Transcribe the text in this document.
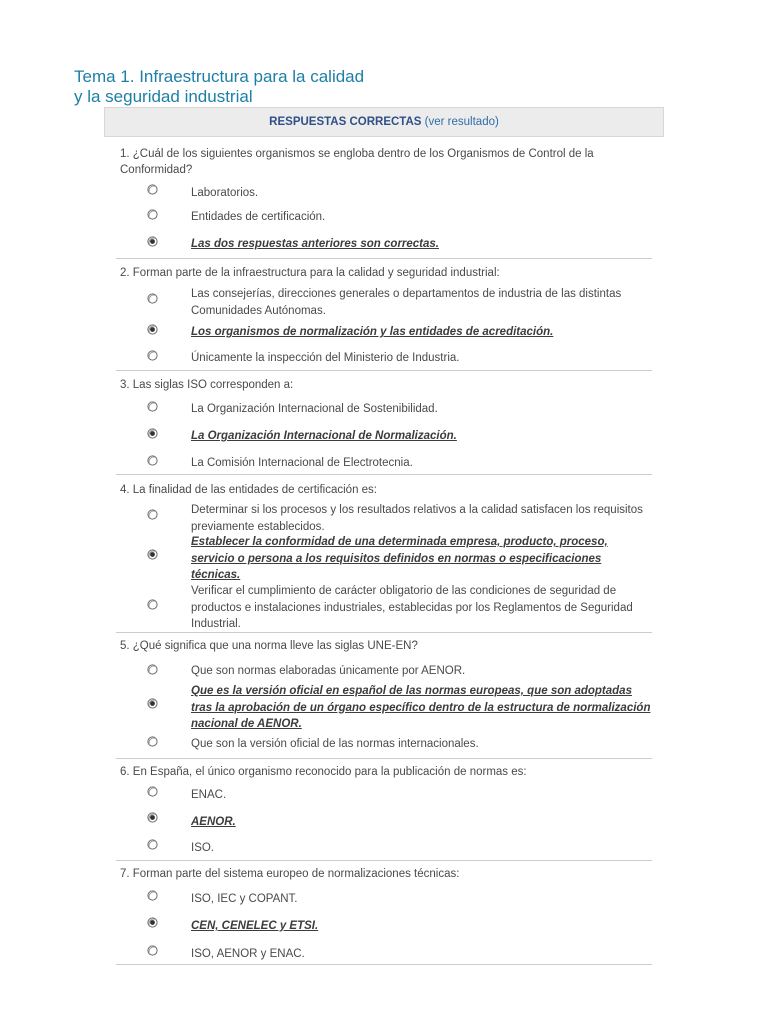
Tema 1. Infraestructura para la calidad
y la seguridad industrial
RESPUESTAS CORRECTAS (ver resultado)
1. ¿Cuál de los siguientes organismos se engloba dentro de los Organismos de Control de la Conformidad?
Laboratorios.
Entidades de certificación.
Las dos respuestas anteriores son correctas.
2. Forman parte de la infraestructura para la calidad y seguridad industrial:
Las consejerías, direcciones generales o departamentos de industria de las distintas Comunidades Autónomas.
Los organismos de normalización y las entidades de acreditación.
Únicamente la inspección del Ministerio de Industria.
3. Las siglas ISO corresponden a:
La Organización Internacional de Sostenibilidad.
La Organización Internacional de Normalización.
La Comisión Internacional de Electrotecnia.
4. La finalidad de las entidades de certificación es:
Determinar si los procesos y los resultados relativos a la calidad satisfacen los requisitos previamente establecidos.
Establecer la conformidad de una determinada empresa, producto, proceso, servicio o persona a los requisitos definidos en normas o especificaciones técnicas.
Verificar el cumplimiento de carácter obligatorio de las condiciones de seguridad de productos e instalaciones industriales, establecidas por los Reglamentos de Seguridad Industrial.
5. ¿Qué significa que una norma lleve las siglas UNE-EN?
Que son normas elaboradas únicamente por AENOR.
Que es la versión oficial en español de las normas europeas, que son adoptadas tras la aprobación de un órgano específico dentro de la estructura de normalización nacional de AENOR.
Que son la versión oficial de las normas internacionales.
6. En España, el único organismo reconocido para la publicación de normas es:
ENAC.
AENOR.
ISO.
7. Forman parte del sistema europeo de normalizaciones técnicas:
ISO, IEC y COPANT.
CEN, CENELEC y ETSI.
ISO, AENOR y ENAC.
